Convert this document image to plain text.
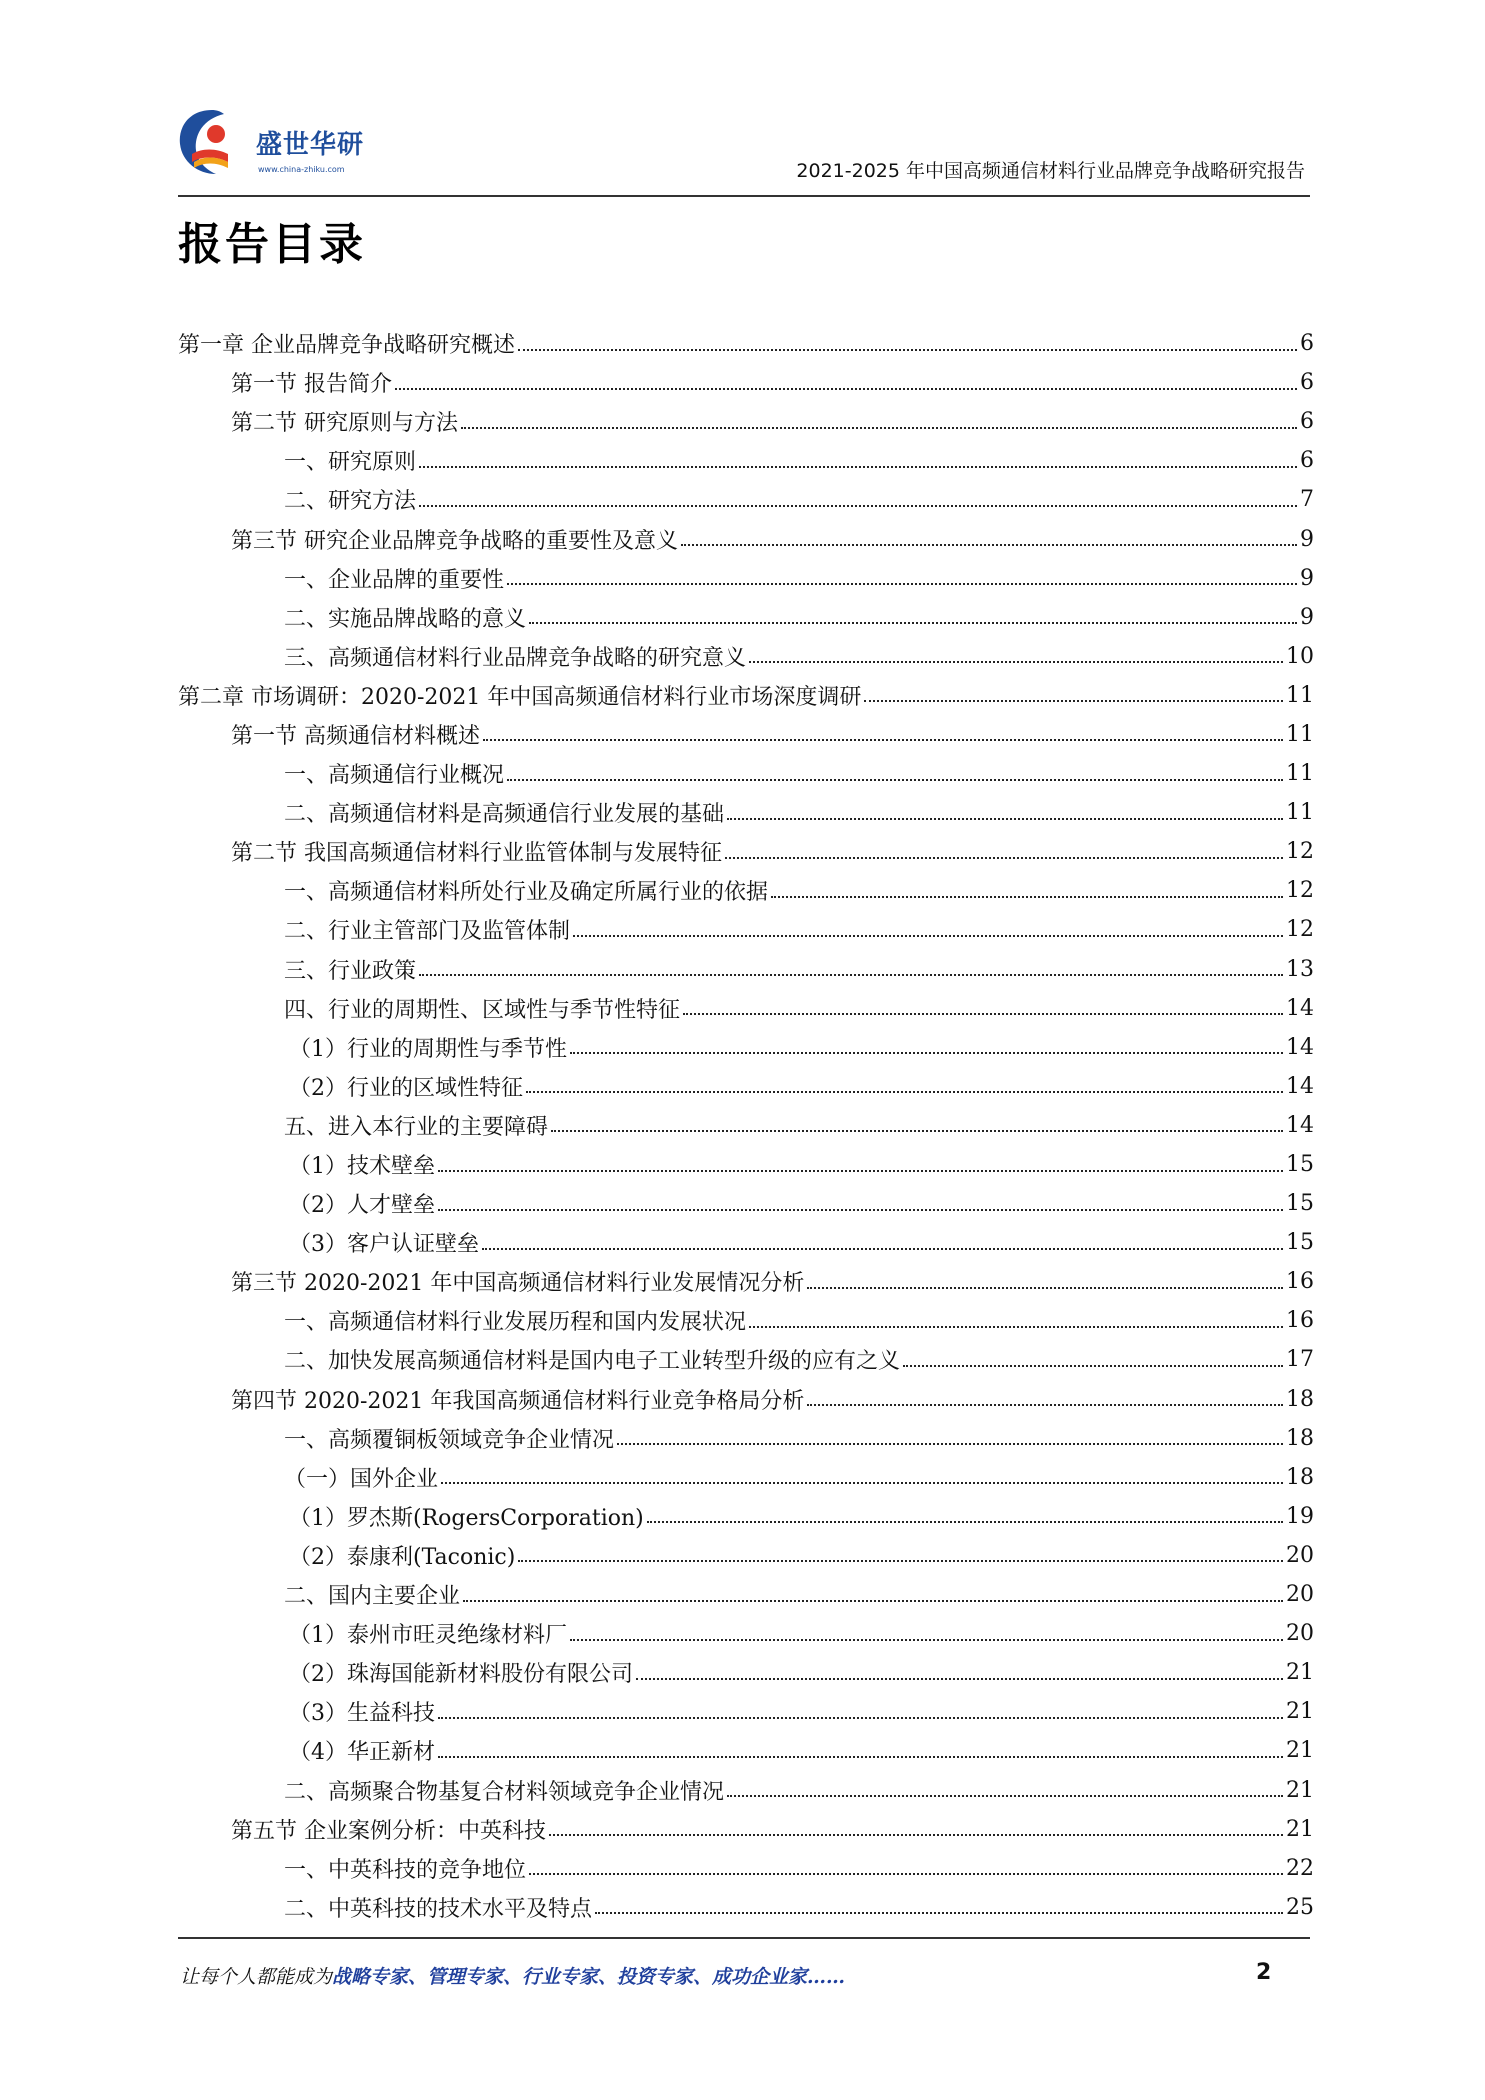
盛世华研
www.china-zhiku.com	2021-2025 年中国高频通信材料行业品牌竞争战略研究报告
报告目录
第一章 企业品牌竞争战略研究概述	6
第一节 报告简介	6
第二节 研究原则与方法	6
一、研究原则	6
二、研究方法	7
第三节 研究企业品牌竞争战略的重要性及意义	9
一、企业品牌的重要性	9
二、实施品牌战略的意义	9
三、高频通信材料行业品牌竞争战略的研究意义	10
第二章 市场调研：2020-2021 年中国高频通信材料行业市场深度调研	11
第一节 高频通信材料概述	11
一、高频通信行业概况	11
二、高频通信材料是高频通信行业发展的基础	11
第二节 我国高频通信材料行业监管体制与发展特征	12
一、高频通信材料所处行业及确定所属行业的依据	12
二、行业主管部门及监管体制	12
三、行业政策	13
四、行业的周期性、区域性与季节性特征	14
（1）行业的周期性与季节性	14
（2）行业的区域性特征	14
五、进入本行业的主要障碍	14
（1）技术壁垒	15
（2）人才壁垒	15
（3）客户认证壁垒	15
第三节 2020-2021 年中国高频通信材料行业发展情况分析	16
一、高频通信材料行业发展历程和国内发展状况	16
二、加快发展高频通信材料是国内电子工业转型升级的应有之义	17
第四节 2020-2021 年我国高频通信材料行业竞争格局分析	18
一、高频覆铜板领域竞争企业情况	18
（一）国外企业	18
（1）罗杰斯(RogersCorporation)	19
（2）泰康利(Taconic)	20
二、国内主要企业	20
（1）泰州市旺灵绝缘材料厂	20
（2）珠海国能新材料股份有限公司	21
（3）生益科技	21
（4）华正新材	21
二、高频聚合物基复合材料领域竞争企业情况	21
第五节 企业案例分析：中英科技	21
一、中英科技的竞争地位	22
二、中英科技的技术水平及特点	25
让每个人都能成为战略专家、管理专家、行业专家、投资专家、成功企业家……	2
